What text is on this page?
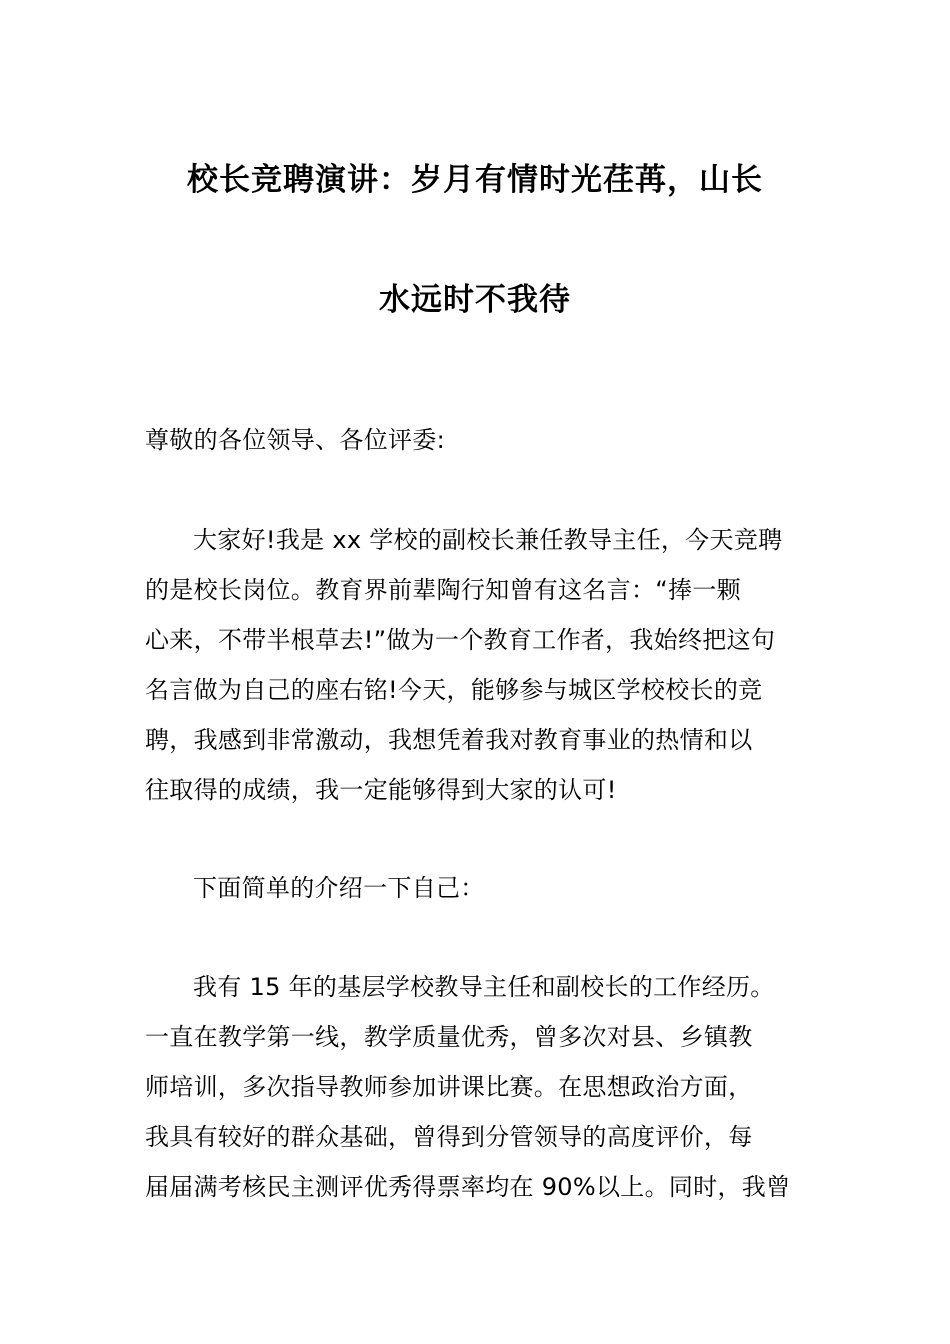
校长竞聘演讲：岁月有情时光荏苒，山长
水远时不我待

尊敬的各位领导、各位评委:

大家好!我是 xx 学校的副校长兼任教导主任，今天竞聘
的是校长岗位。教育界前辈陶行知曾有这名言：“捧一颗
心来，不带半根草去!”做为一个教育工作者，我始终把这句
名言做为自己的座右铭!今天，能够参与城区学校校长的竞
聘，我感到非常激动，我想凭着我对教育事业的热情和以
往取得的成绩，我一定能够得到大家的认可!

下面简单的介绍一下自己：

我有 15 年的基层学校教导主任和副校长的工作经历。
一直在教学第一线，教学质量优秀，曾多次对县、乡镇教
师培训，多次指导教师参加讲课比赛。在思想政治方面，
我具有较好的群众基础，曾得到分管领导的高度评价，每
届届满考核民主测评优秀得票率均在 90%以上。同时，我曾
